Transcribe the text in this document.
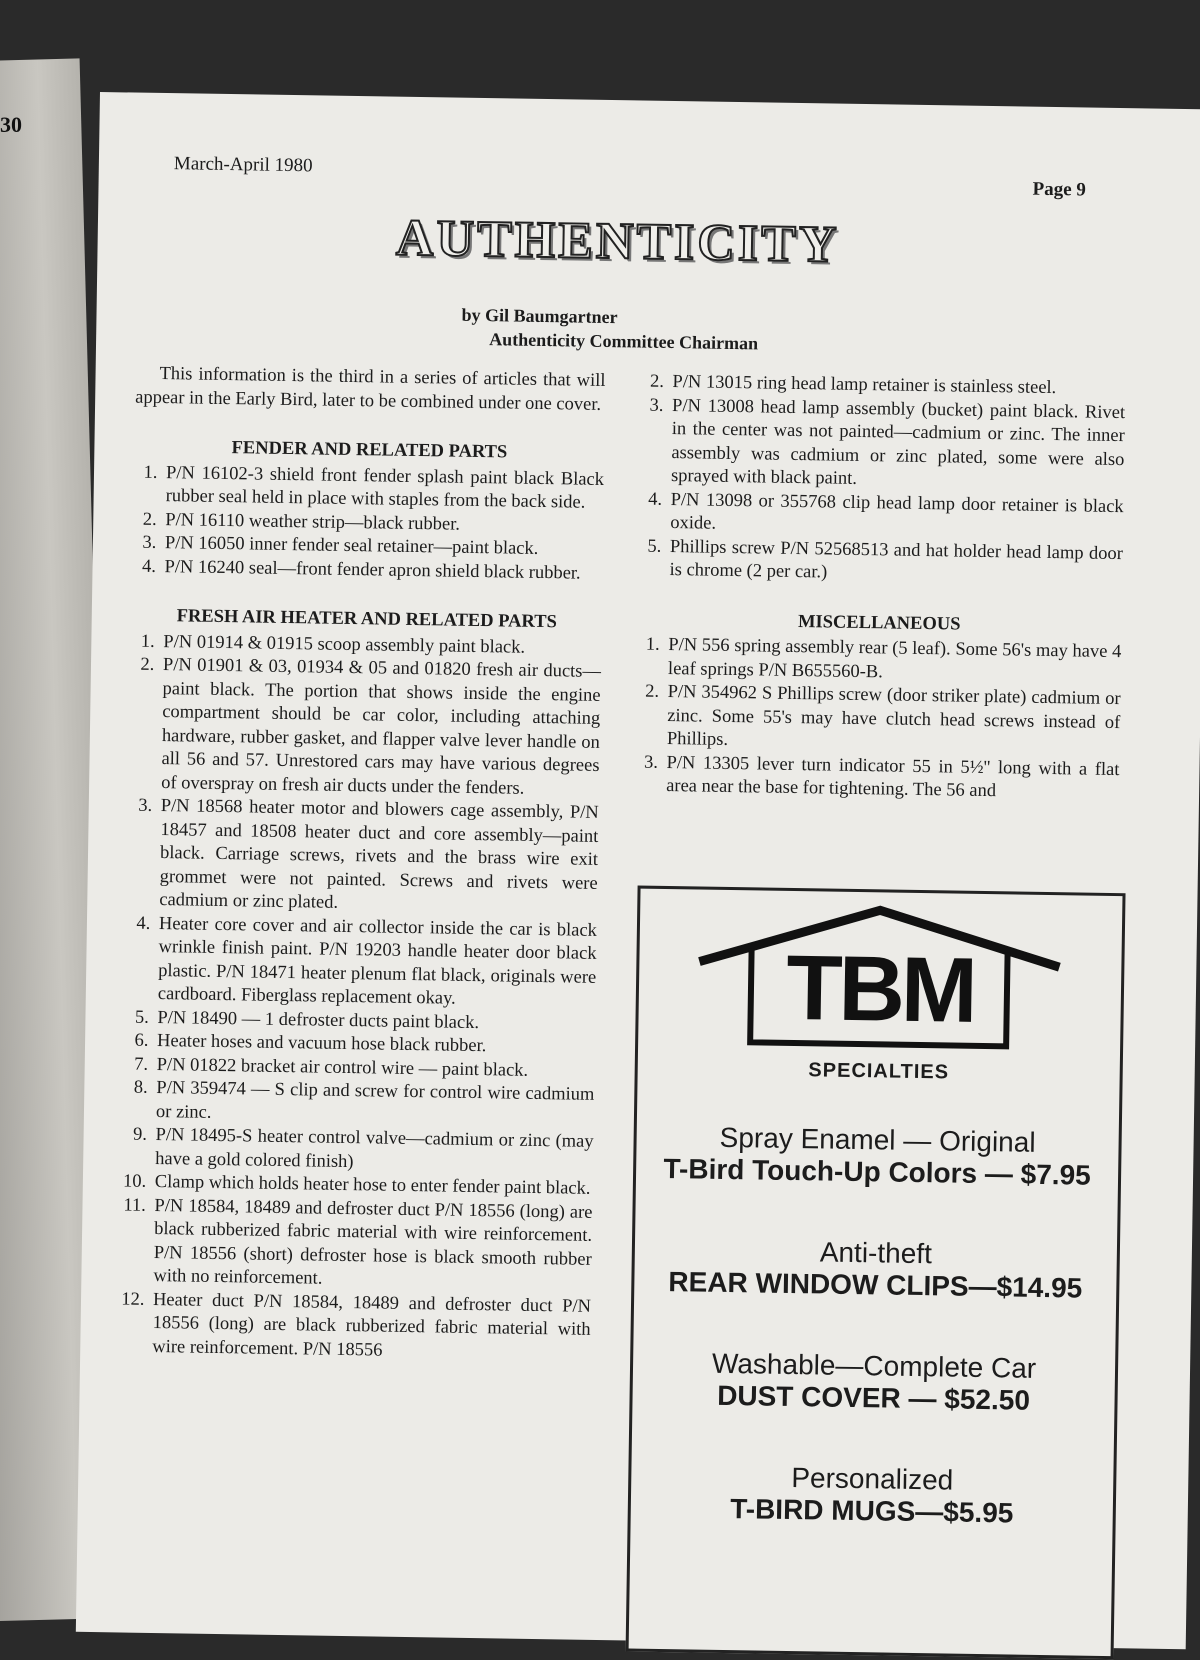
30
March-April 1980
Page 9
AUTHENTICITY
by Gil Baumgartner
Authenticity Committee Chairman

This information is the third in a series of articles that will appear in the Early Bird, later to be combined under one cover.

FENDER AND RELATED PARTS
1. P/N 16102-3 shield front fender splash paint black Black rubber seal held in place with staples from the back side.
2. P/N 16110 weather strip—black rubber.
3. P/N 16050 inner fender seal retainer—paint black.
4. P/N 16240 seal—front fender apron shield black rubber.
FRESH AIR HEATER AND RELATED PARTS
1. P/N 01914 & 01915 scoop assembly paint black.
2. P/N 01901 & 03, 01934 & 05 and 01820 fresh air ducts—paint black. The portion that shows inside the engine compartment should be car color, including attaching hardware, rubber gasket, and flapper valve lever handle on all 56 and 57. Unrestored cars may have various degrees of overspray on fresh air ducts under the fenders.
3. P/N 18568 heater motor and blowers cage assembly, P/N 18457 and 18508 heater duct and core assembly—paint black. Carriage screws, rivets and the brass wire exit grommet were not painted. Screws and rivets were cadmium or zinc plated.
4. Heater core cover and air collector inside the car is black wrinkle finish paint. P/N 19203 handle heater door black plastic. P/N 18471 heater plenum flat black, originals were cardboard. Fiberglass replacement okay.
5. P/N 18490 — 1 defroster ducts paint black.
6. Heater hoses and vacuum hose black rubber.
7. P/N 01822 bracket air control wire — paint black.
8. P/N 359474 — S clip and screw for control wire cadmium or zinc.
9. P/N 18495-S heater control valve—cadmium or zinc (may have a gold colored finish)
10. Clamp which holds heater hose to enter fender paint black.
11. P/N 18584, 18489 and defroster duct P/N 18556 (long) are black rubberized fabric material with wire reinforcement. P/N 18556 (short) defroster hose is black smooth rubber with no reinforcement.
12. Heater duct P/N 18584, 18489 and defroster duct P/N 18556 (long) are black rubberized fabric material with wire reinforcement. P/N 18556
2. P/N 13015 ring head lamp retainer is stainless steel.
3. P/N 13008 head lamp assembly (bucket) paint black. Rivet in the center was not painted—cadmium or zinc. The inner assembly was cadmium or zinc plated, some were also sprayed with black paint.
4. P/N 13098 or 355768 clip head lamp door retainer is black oxide.
5. Phillips screw P/N 52568513 and hat holder head lamp door is chrome (2 per car.)
MISCELLANEOUS
1. P/N 556 spring assembly rear (5 leaf). Some 56's may have 4 leaf springs P/N B655560-B.
2. P/N 354962 S Phillips screw (door striker plate) cadmium or zinc. Some 55's may have clutch head screws instead of Phillips.
3. P/N 13305 lever turn indicator 55 in 5½'' long with a flat area near the base for tightening. The 56 and
TBM
SPECIALTIES
Spray Enamel — Original
T-Bird Touch-Up Colors — $7.95
Anti-theft
REAR WINDOW CLIPS—$14.95
Washable—Complete Car
DUST COVER — $52.50
Personalized
T-BIRD MUGS—$5.95
